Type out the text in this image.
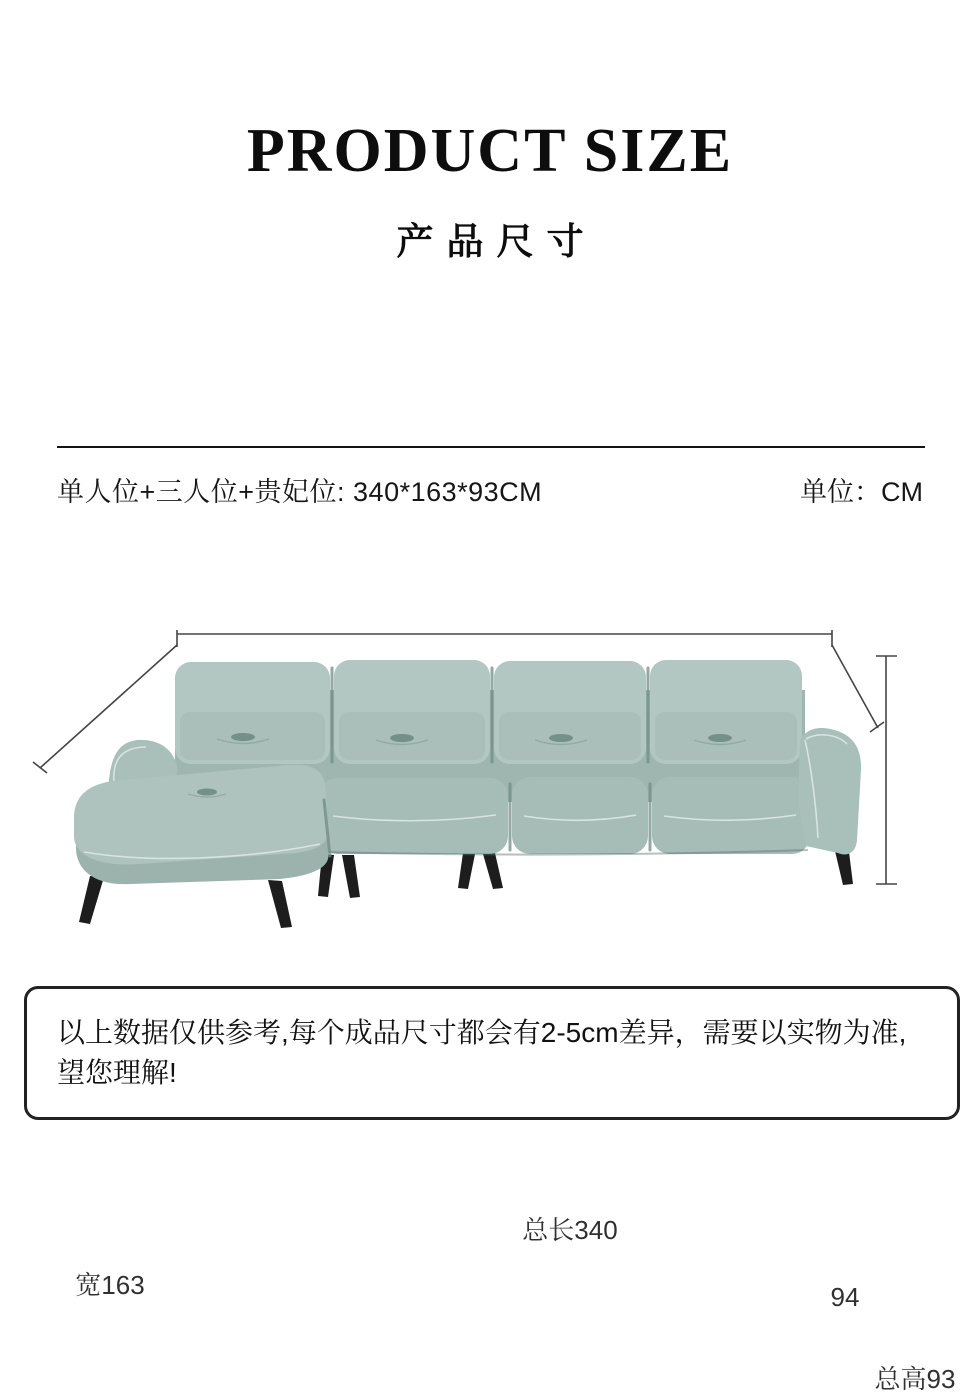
PRODUCT SIZE
产品尺寸
单人位+三人位+贵妃位: 340*163*93CM	单位：CM
总长340
宽163	94
总高93
以上数据仅供参考,每个成品尺寸都会有2-5cm差异，需要以实物为准,
望您理解!
